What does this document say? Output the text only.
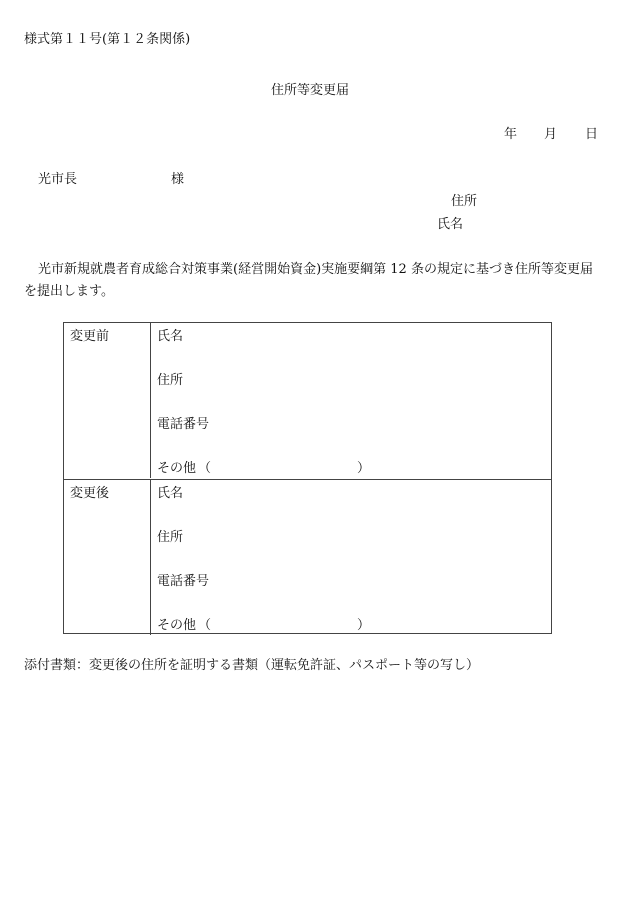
様式第１１号(第１２条関係)
住所等変更届
年 月 日
光市長	様
住所
氏名
光市新規就農者育成総合対策事業(経営開始資金)実施要綱第 12 条の規定に基づき住所等変更届を提出します。
変更前	氏名
住所
電話番号
その他 （	）
変更後	氏名
住所
電話番号
その他 （	）
添付書類：変更後の住所を証明する書類（運転免許証、パスポート等の写し）
